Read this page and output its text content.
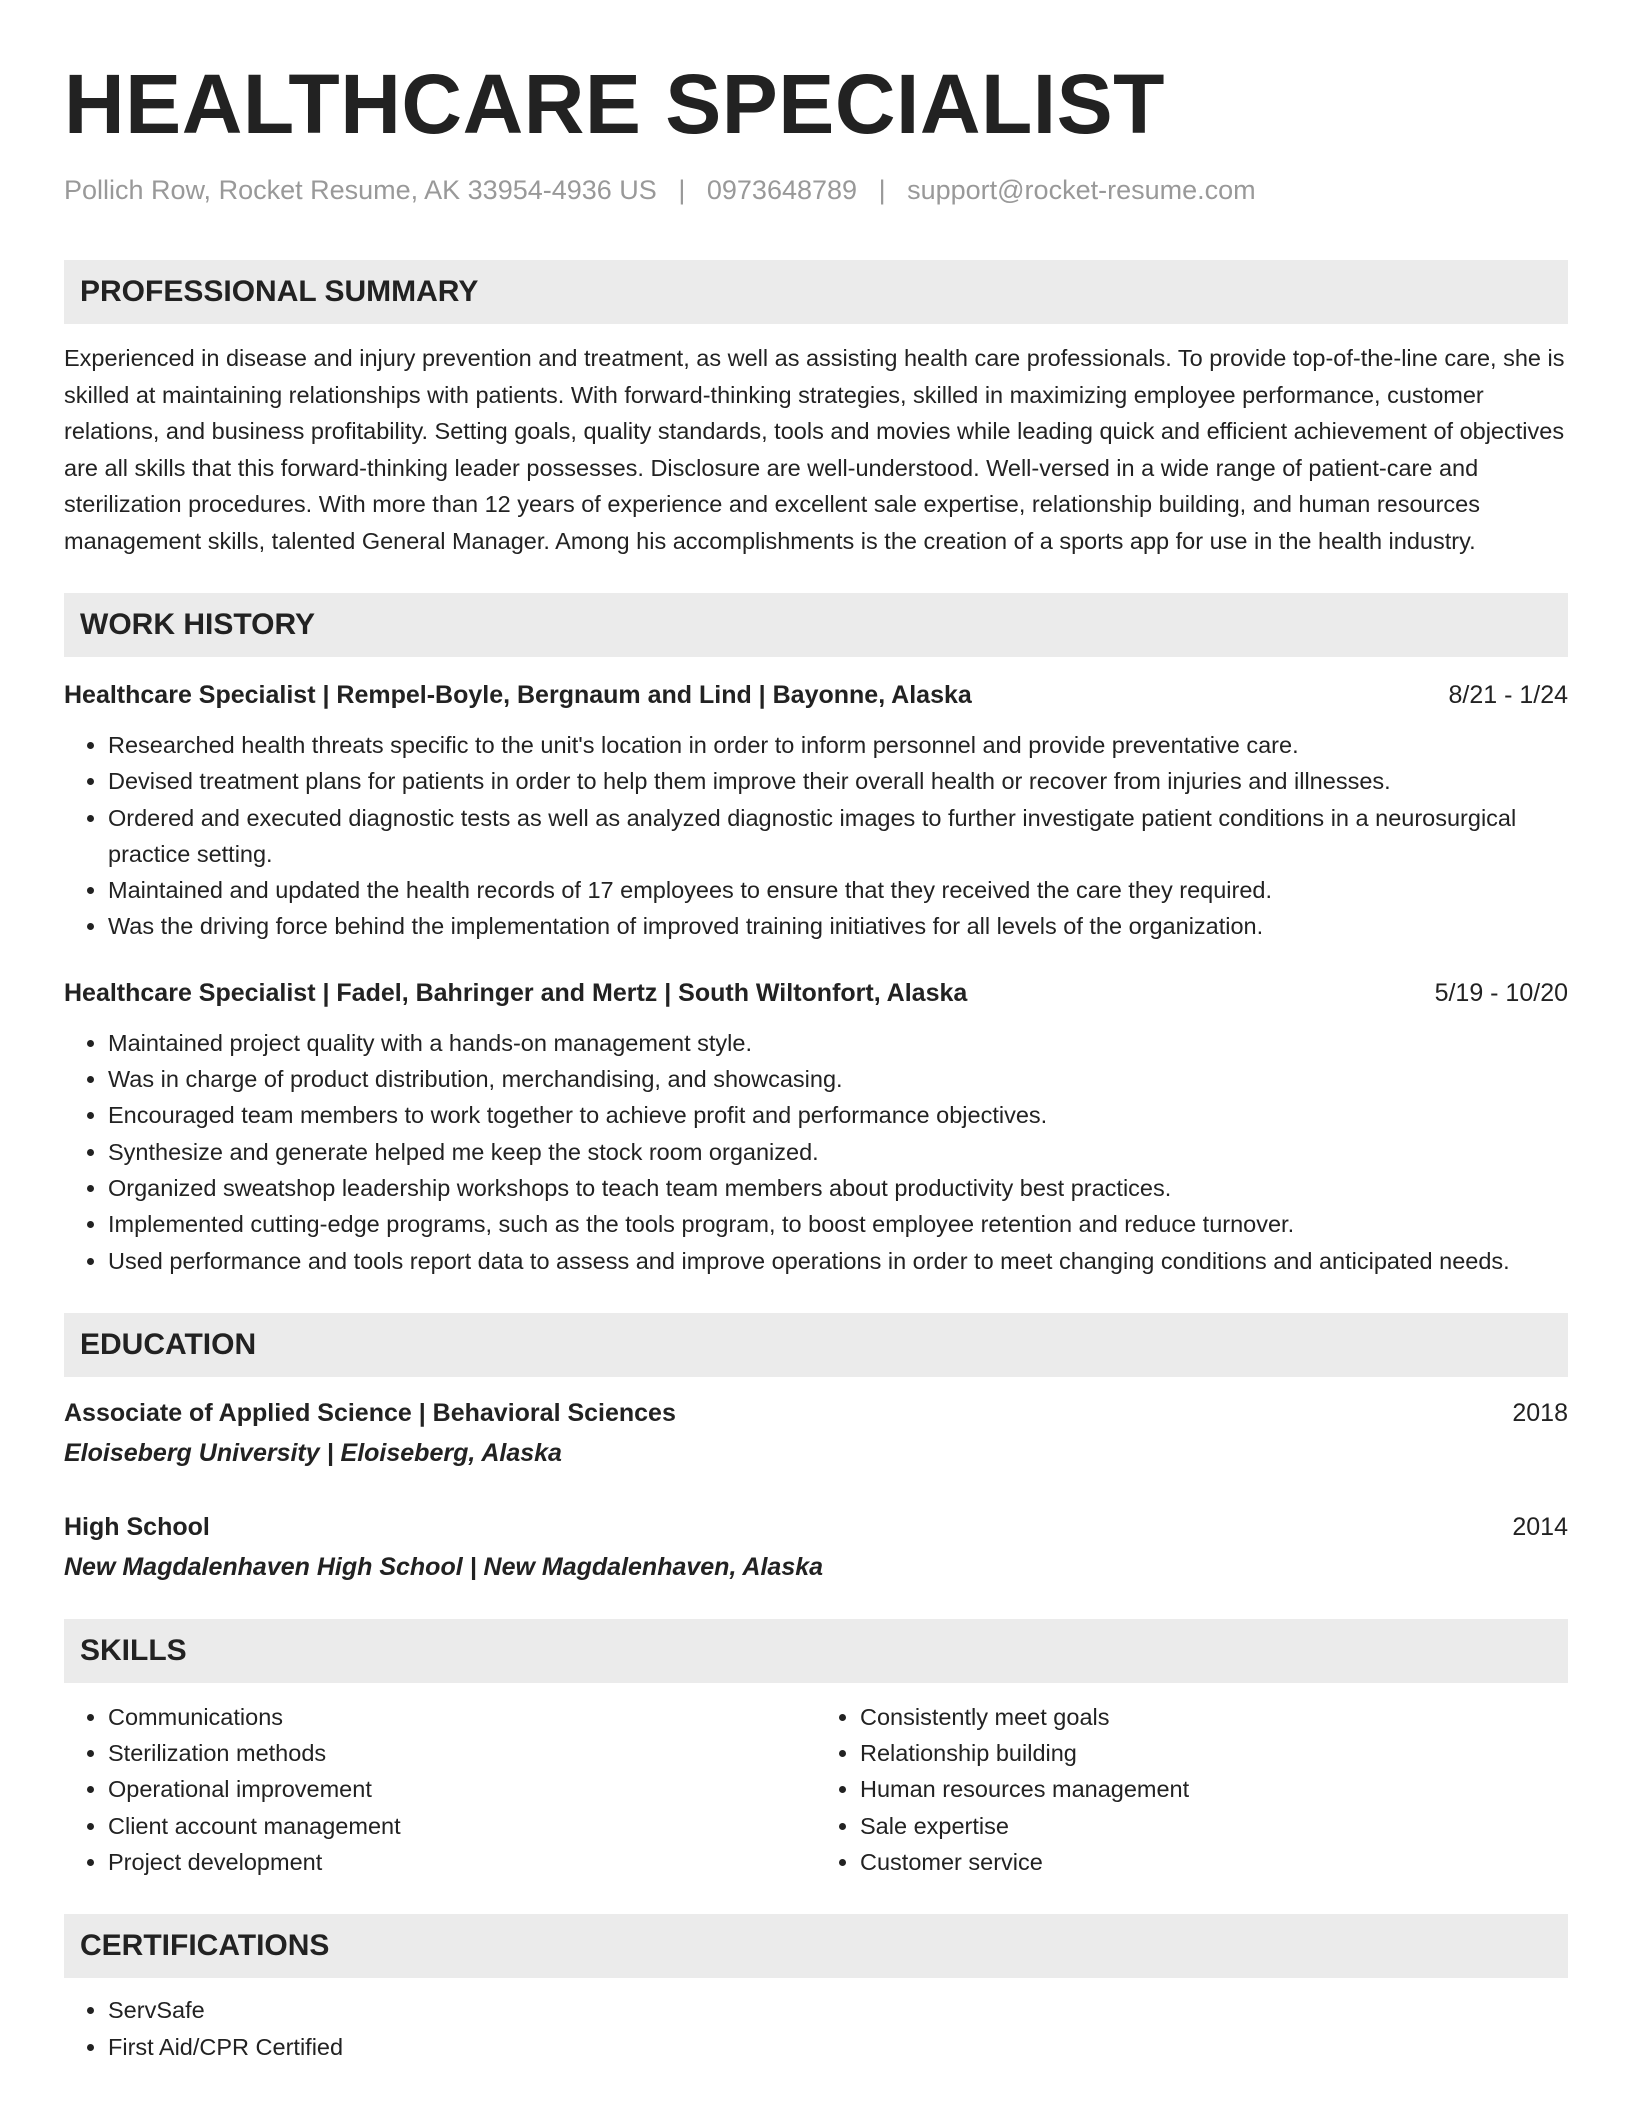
HEALTHCARE SPECIALIST
Pollich Row, Rocket Resume, AK 33954-4936 US | 0973648789 | support@rocket-resume.com
PROFESSIONAL SUMMARY
Experienced in disease and injury prevention and treatment, as well as assisting health care professionals. To provide top-of-the-line care, she is skilled at maintaining relationships with patients. With forward-thinking strategies, skilled in maximizing employee performance, customer relations, and business profitability. Setting goals, quality standards, tools and movies while leading quick and efficient achievement of objectives are all skills that this forward-thinking leader possesses. Disclosure are well-understood. Well-versed in a wide range of patient-care and sterilization procedures. With more than 12 years of experience and excellent sale expertise, relationship building, and human resources management skills, talented General Manager. Among his accomplishments is the creation of a sports app for use in the health industry.
WORK HISTORY
Healthcare Specialist | Rempel-Boyle, Bergnaum and Lind | Bayonne, Alaska	8/21 - 1/24
• Researched health threats specific to the unit's location in order to inform personnel and provide preventative care.
• Devised treatment plans for patients in order to help them improve their overall health or recover from injuries and illnesses.
• Ordered and executed diagnostic tests as well as analyzed diagnostic images to further investigate patient conditions in a neurosurgical practice setting.
• Maintained and updated the health records of 17 employees to ensure that they received the care they required.
• Was the driving force behind the implementation of improved training initiatives for all levels of the organization.
Healthcare Specialist | Fadel, Bahringer and Mertz | South Wiltonfort, Alaska	5/19 - 10/20
• Maintained project quality with a hands-on management style.
• Was in charge of product distribution, merchandising, and showcasing.
• Encouraged team members to work together to achieve profit and performance objectives.
• Synthesize and generate helped me keep the stock room organized.
• Organized sweatshop leadership workshops to teach team members about productivity best practices.
• Implemented cutting-edge programs, such as the tools program, to boost employee retention and reduce turnover.
• Used performance and tools report data to assess and improve operations in order to meet changing conditions and anticipated needs.
EDUCATION
Associate of Applied Science | Behavioral Sciences	2018
Eloiseberg University | Eloiseberg, Alaska
High School	2014
New Magdalenhaven High School | New Magdalenhaven, Alaska
SKILLS
• Communications
• Sterilization methods
• Operational improvement
• Client account management
• Project development
• Consistently meet goals
• Relationship building
• Human resources management
• Sale expertise
• Customer service
CERTIFICATIONS
• ServSafe
• First Aid/CPR Certified
